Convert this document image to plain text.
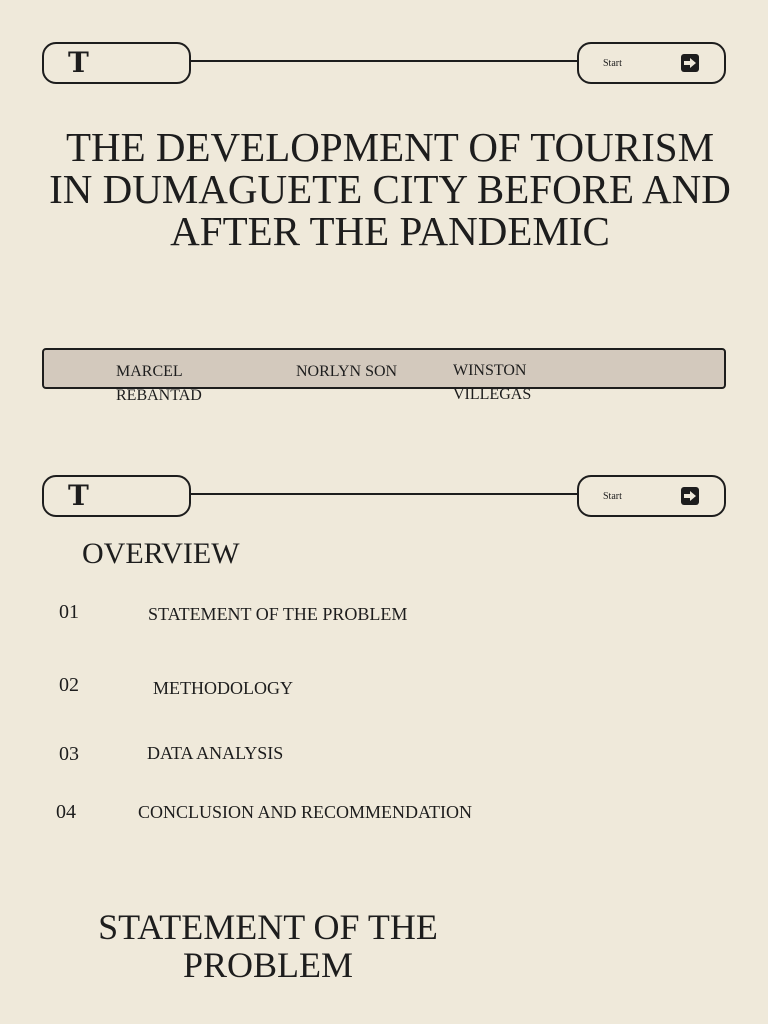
T	Start
THE DEVELOPMENT OF TOURISM
IN DUMAGUETE CITY BEFORE AND
AFTER THE PANDEMIC
MARCEL
REBANTAD
NORLYN SON	WINSTON
VILLEGAS
T	Start
OVERVIEW
01	STATEMENT OF THE PROBLEM
02	METHODOLOGY
03	DATA ANALYSIS
04	CONCLUSION AND RECOMMENDATION
STATEMENT OF THE
PROBLEM
